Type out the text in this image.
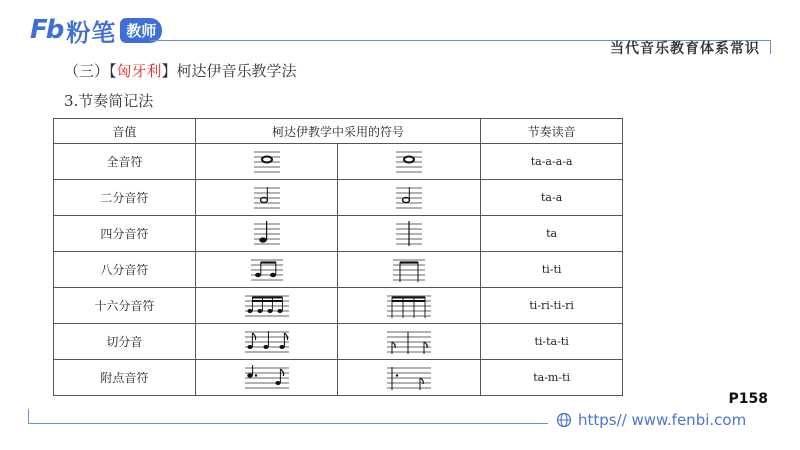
Fb 粉笔 教师
当代音乐教育体系常识
（三）【匈牙利】柯达伊音乐教学法
3.节奏简记法
音值	柯达伊教学中采用的符号		节奏读音
全音符			ta-a-a-a
二分音符			ta-a
四分音符			ta
八分音符			ti-ti
十六分音符			ti-ri-ti-ri
切分音			ti-ta-ti
附点音符			ta-m-ti
P158
https// www.fenbi.com
